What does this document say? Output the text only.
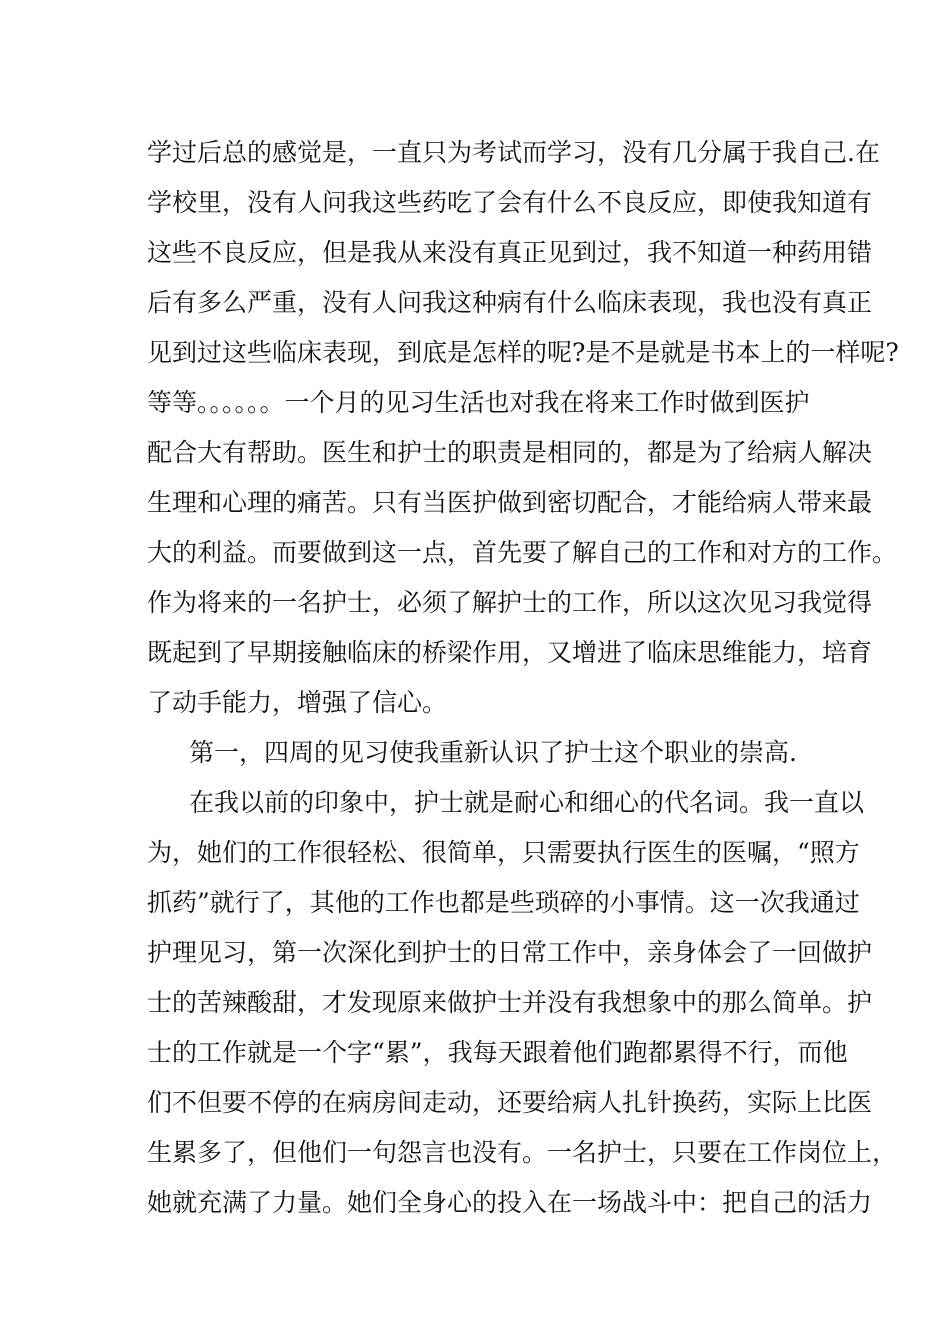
学过后总的感觉是，一直只为考试而学习，没有几分属于我自己.在
学校里，没有人问我这些药吃了会有什么不良反应，即使我知道有
这些不良反应，但是我从来没有真正见到过，我不知道一种药用错
后有多么严重，没有人问我这种病有什么临床表现，我也没有真正
见到过这些临床表现，到底是怎样的呢?是不是就是书本上的一样呢?
等等。。。。。。一个月的见习生活也对我在将来工作时做到医护
配合大有帮助。医生和护士的职责是相同的，都是为了给病人解决
生理和心理的痛苦。只有当医护做到密切配合，才能给病人带来最
大的利益。而要做到这一点，首先要了解自己的工作和对方的工作。
作为将来的一名护士，必须了解护士的工作，所以这次见习我觉得
既起到了早期接触临床的桥梁作用，又增进了临床思维能力，培育
了动手能力，增强了信心。
第一，四周的见习使我重新认识了护士这个职业的崇高.
在我以前的印象中，护士就是耐心和细心的代名词。我一直以
为，她们的工作很轻松、很简单，只需要执行医生的医嘱，“照方
抓药”就行了，其他的工作也都是些琐碎的小事情。这一次我通过
护理见习，第一次深化到护士的日常工作中，亲身体会了一回做护
士的苦辣酸甜，才发现原来做护士并没有我想象中的那么简单。护
士的工作就是一个字“累”，我每天跟着他们跑都累得不行，而他
们不但要不停的在病房间走动，还要给病人扎针换药，实际上比医
生累多了，但他们一句怨言也没有。一名护士，只要在工作岗位上，
她就充满了力量。她们全身心的投入在一场战斗中：把自己的活力
